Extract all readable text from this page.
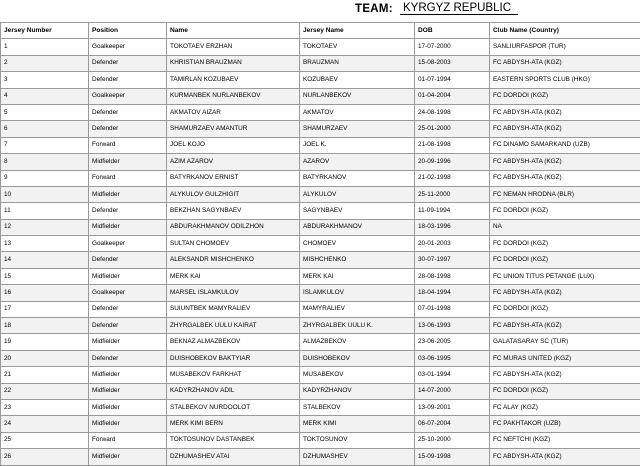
TEAM: KYRGYZ REPUBLIC
Jersey Number	Position	Name	Jersey Name	DOB	Club Name (Country)
1	Goalkeeper	TOKOTAEV ERZHAN	TOKOTAEV	17-07-2000	SANLIURFASPOR (TUR)
2	Defender	KHRISTIAN BRAUZMAN	BRAUZMAN	15-08-2003	FC ABDYSH-ATA (KGZ)
3	Defender	TAMIRLAN KOZUBAEV	KOZUBAEV	01-07-1994	EASTERN SPORTS CLUB (HKG)
4	Goalkeeper	KURMANBEK NURLANBEKOV	NURLANBEKOV	01-04-2004	FC DORDOI (KGZ)
5	Defender	AKMATOV AIZAR	AKMATOV	24-08-1998	FC ABDYSH-ATA (KGZ)
6	Defender	SHAMURZAEV AMANTUR	SHAMURZAEV	25-01-2000	FC ABDYSH-ATA (KGZ)
7	Forward	JOEL KOJO	JOEL K.	21-08-1998	FC DINAMO SAMARKAND (UZB)
8	Midfielder	AZIM AZAROV	AZAROV	20-09-1996	FC ABDYSH-ATA (KGZ)
9	Forward	BATYRKANOV ERNIST	BATYRKANOV	21-02-1998	FC ABDYSH-ATA (KGZ)
10	Midfielder	ALYKULOV GULZHIGIT	ALYKULOV	25-11-2000	FC NEMAN HRODNA (BLR)
11	Defender	BEKZHAN SAGYNBAEV	SAGYNBAEV	11-09-1994	FC DORDOI (KGZ)
12	Midfielder	ABDURAKHMANOV ODILZHON	ABDURAKHMANOV	18-03-1996	NA
13	Goalkeeper	SULTAN CHOMOEV	CHOMOEV	20-01-2003	FC DORDOI (KGZ)
14	Defender	ALEKSANDR MISHCHENKO	MISHCHENKO	30-07-1997	FC DORDOI (KGZ)
15	Midfielder	MERK KAI	MERK KAI	28-08-1998	FC UNION TITUS PETANGE (LUX)
16	Goalkeeper	MARSEL ISLAMKULOV	ISLAMKULOV	18-04-1994	FC ABDYSH-ATA (KGZ)
17	Defender	SUIUNTBEK MAMYRALIEV	MAMYRALIEV	07-01-1998	FC DORDOI (KGZ)
18	Defender	ZHYRGALBEK UULU KAIRAT	ZHYRGALBEK UULU K.	13-06-1993	FC ABDYSH-ATA (KGZ)
19	Midfielder	BEKNAZ ALMAZBEKOV	ALMAZBEKOV	23-06-2005	GALATASARAY SC (TUR)
20	Defender	DUISHOBEKOV BAKTYIAR	DUISHOBEKOV	03-06-1995	FC MURAS UNITED (KGZ)
21	Midfielder	MUSABEKOV FARKHAT	MUSABEKOV	03-01-1994	FC ABDYSH-ATA (KGZ)
22	Midfielder	KADYRZHANOV ADIL	KADYRZHANOV	14-07-2000	FC DORDOI (KGZ)
23	Midfielder	STALBEKOV NURDOOLOT	STALBEKOV	13-09-2001	FC ALAY (KGZ)
24	Midfielder	MERK KIMI BERN	MERK KIMI	06-07-2004	FC PAKHTAKOR (UZB)
25	Forward	TOKTOSUNOV DASTANBEK	TOKTOSUNOV	25-10-2000	FC NEFTCHI (KGZ)
26	Midfielder	DZHUMASHEV ATAI	DZHUMASHEV	15-09-1998	FC ABDYSH-ATA (KGZ)
